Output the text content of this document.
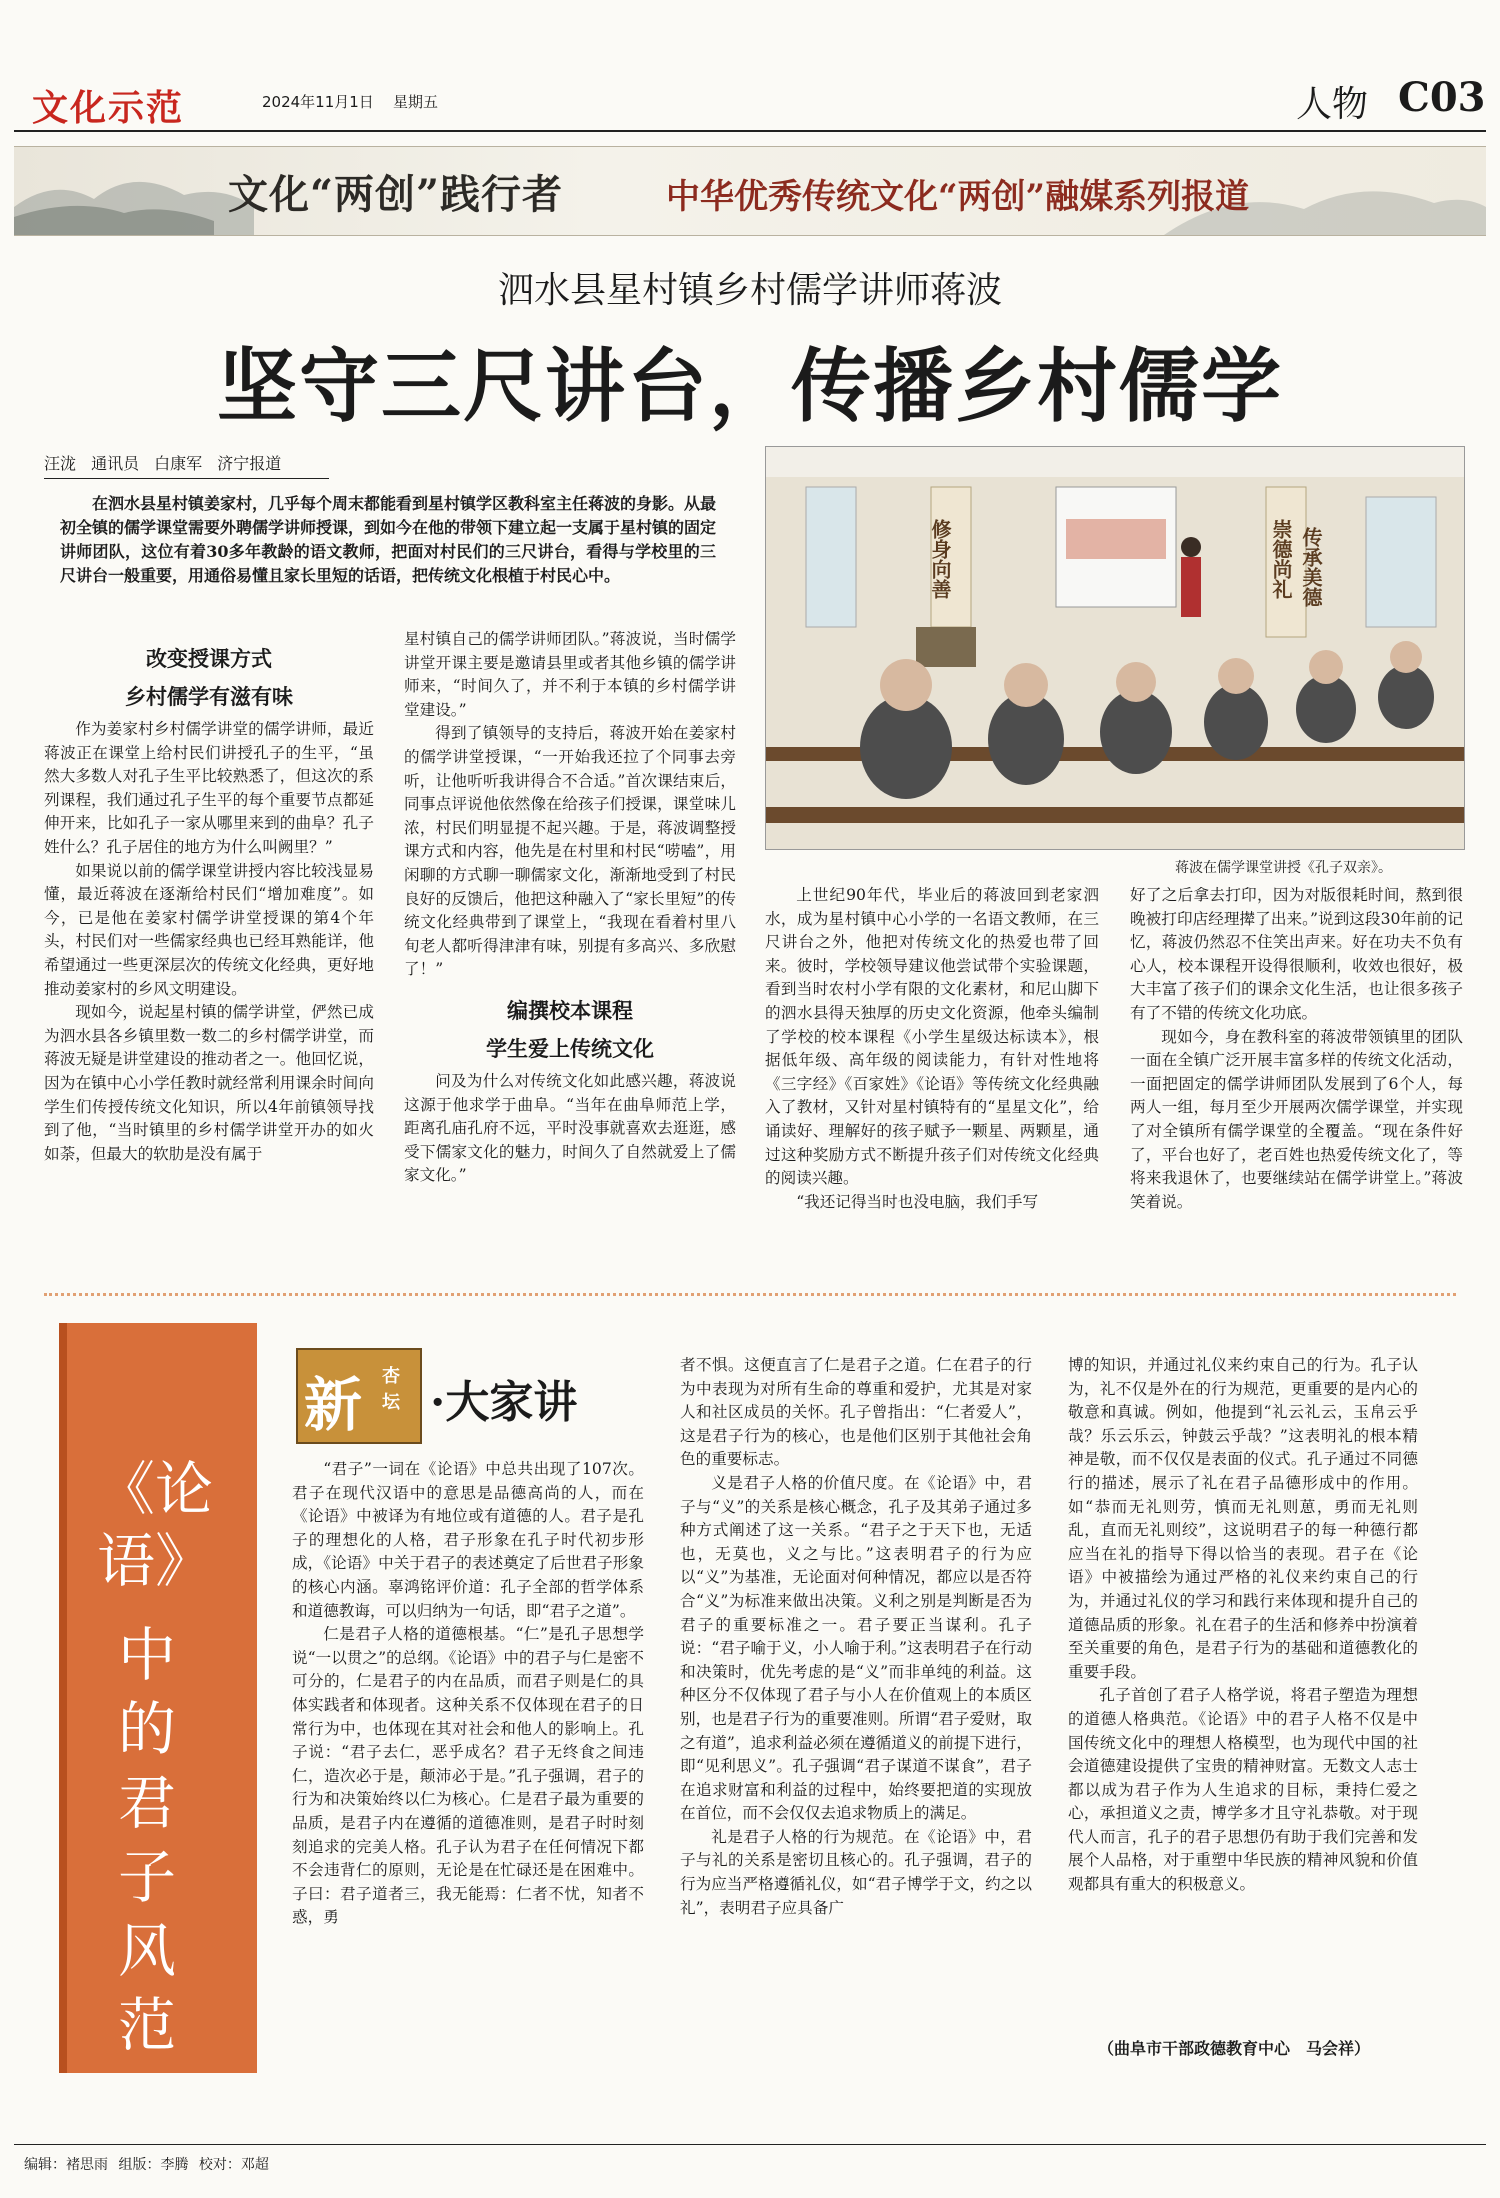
文化示范	2024年11月1日 星期五	人物 C03
文化“两创”践行者	中华优秀传统文化“两创”融媒系列报道
泗水县星村镇乡村儒学讲师蒋波
坚守三尺讲台，传播乡村儒学
汪泷 通讯员 白康军 济宁报道
在泗水县星村镇姜家村，几乎每个周末都能看到星村镇学区教科室主任蒋波的身影。从最初全镇的儒学课堂需要外聘儒学讲师授课，到如今在他的带领下建立起一支属于星村镇的固定讲师团队，这位有着30多年教龄的语文教师，把面对村民们的三尺讲台，看得与学校里的三尺讲台一般重要，用通俗易懂且家长里短的话语，把传统文化根植于村民心中。	修身向善	崇德尚礼 传承美德
蒋波在儒学课堂讲授《孔子双亲》。
改变授课方式
乡村儒学有滋有味

作为姜家村乡村儒学讲堂的儒学讲师，最近蒋波正在课堂上给村民们讲授孔子的生平，“虽然大多数人对孔子生平比较熟悉了，但这次的系列课程，我们通过孔子生平的每个重要节点都延伸开来，比如孔子一家从哪里来到的曲阜？孔子姓什么？孔子居住的地方为什么叫阙里？”

如果说以前的儒学课堂讲授内容比较浅显易懂，最近蒋波在逐渐给村民们“增加难度”。如今，已是他在姜家村儒学讲堂授课的第4个年头，村民们对一些儒家经典也已经耳熟能详，他希望通过一些更深层次的传统文化经典，更好地推动姜家村的乡风文明建设。

现如今，说起星村镇的儒学讲堂，俨然已成为泗水县各乡镇里数一数二的乡村儒学讲堂，而蒋波无疑是讲堂建设的推动者之一。他回忆说，因为在镇中心小学任教时就经常利用课余时间向学生们传授传统文化知识，所以4年前镇领导找到了他，“当时镇里的乡村儒学讲堂开办的如火如荼，但最大的软肋是没有属于

星村镇自己的儒学讲师团队。”蒋波说，当时儒学讲堂开课主要是邀请县里或者其他乡镇的儒学讲师来，“时间久了，并不利于本镇的乡村儒学讲堂建设。”

得到了镇领导的支持后，蒋波开始在姜家村的儒学讲堂授课，“一开始我还拉了个同事去旁听，让他听听我讲得合不合适。”首次课结束后，同事点评说他依然像在给孩子们授课，课堂味儿浓，村民们明显提不起兴趣。于是，蒋波调整授课方式和内容，他先是在村里和村民“唠嗑”，用闲聊的方式聊一聊儒家文化，渐渐地受到了村民良好的反馈后，他把这种融入了“家长里短”的传统文化经典带到了课堂上，“我现在看着村里八旬老人都听得津津有味，别提有多高兴、多欣慰了！”

编撰校本课程
学生爱上传统文化

问及为什么对传统文化如此感兴趣，蒋波说这源于他求学于曲阜。“当年在曲阜师范上学，距离孔庙孔府不远，平时没事就喜欢去逛逛，感受下儒家文化的魅力，时间久了自然就爱上了儒家文化。”

上世纪90年代，毕业后的蒋波回到老家泗水，成为星村镇中心小学的一名语文教师，在三尺讲台之外，他把对传统文化的热爱也带了回来。彼时，学校领导建议他尝试带个实验课题，看到当时农村小学有限的文化素材，和尼山脚下的泗水县得天独厚的历史文化资源，他牵头编制了学校的校本课程《小学生星级达标读本》，根据低年级、高年级的阅读能力，有针对性地将《三字经》《百家姓》《论语》等传统文化经典融入了教材，又针对星村镇特有的“星星文化”，给诵读好、理解好的孩子赋予一颗星、两颗星，通过这种奖励方式不断提升孩子们对传统文化经典的阅读兴趣。

“我还记得当时也没电脑，我们手写

好了之后拿去打印，因为对版很耗时间，熬到很晚被打印店经理撵了出来。”说到这段30年前的记忆，蒋波仍然忍不住笑出声来。好在功夫不负有心人，校本课程开设得很顺利，收效也很好，极大丰富了孩子们的课余文化生活，也让很多孩子有了不错的传统文化功底。

现如今，身在教科室的蒋波带领镇里的团队一面在全镇广泛开展丰富多样的传统文化活动，一面把固定的儒学讲师团队发展到了6个人，每两人一组，每月至少开展两次儒学课堂，并实现了对全镇所有儒学课堂的全覆盖。“现在条件好了，平台也好了，老百姓也热爱传统文化了，等将来我退休了，也要继续站在儒学讲堂上。”蒋波笑着说。

《论语》
中的君子风范
新 杏坛 ·大家讲

“君子”一词在《论语》中总共出现了107次。君子在现代汉语中的意思是品德高尚的人，而在《论语》中被译为有地位或有道德的人。君子是孔子的理想化的人格，君子形象在孔子时代初步形成，《论语》中关于君子的表述奠定了后世君子形象的核心内涵。辜鸿铭评价道：孔子全部的哲学体系和道德教诲，可以归纳为一句话，即“君子之道”。

仁是君子人格的道德根基。“仁”是孔子思想学说“一以贯之”的总纲。《论语》中的君子与仁是密不可分的，仁是君子的内在品质，而君子则是仁的具体实践者和体现者。这种关系不仅体现在君子的日常行为中，也体现在其对社会和他人的影响上。孔子说：“君子去仁，恶乎成名？君子无终食之间违仁，造次必于是，颠沛必于是。”孔子强调，君子的行为和决策始终以仁为核心。仁是君子最为重要的品质，是君子内在遵循的道德准则，是君子时时刻刻追求的完美人格。孔子认为君子在任何情况下都不会违背仁的原则，无论是在忙碌还是在困难中。子曰：君子道者三，我无能焉：仁者不忧，知者不惑，勇

者不惧。这便直言了仁是君子之道。仁在君子的行为中表现为对所有生命的尊重和爱护，尤其是对家人和社区成员的关怀。孔子曾指出：“仁者爱人”，这是君子行为的核心，也是他们区别于其他社会角色的重要标志。

义是君子人格的价值尺度。在《论语》中，君子与“义”的关系是核心概念，孔子及其弟子通过多种方式阐述了这一关系。“君子之于天下也，无适也，无莫也，义之与比。”这表明君子的行为应以“义”为基准，无论面对何种情况，都应以是否符合“义”为标准来做出决策。义利之别是判断是否为君子的重要标准之一。君子要正当谋利。孔子说：“君子喻于义，小人喻于利。”这表明君子在行动和决策时，优先考虑的是“义”而非单纯的利益。这种区分不仅体现了君子与小人在价值观上的本质区别，也是君子行为的重要准则。所谓“君子爱财，取之有道”，追求利益必须在遵循道义的前提下进行，即“见利思义”。孔子强调“君子谋道不谋食”，君子在追求财富和利益的过程中，始终要把道的实现放在首位，而不会仅仅去追求物质上的满足。

礼是君子人格的行为规范。在《论语》中，君子与礼的关系是密切且核心的。孔子强调，君子的行为应当严格遵循礼仪，如“君子博学于文，约之以礼”，表明君子应具备广

博的知识，并通过礼仪来约束自己的行为。孔子认为，礼不仅是外在的行为规范，更重要的是内心的敬意和真诚。例如，他提到“礼云礼云，玉帛云乎哉？乐云乐云，钟鼓云乎哉？”这表明礼的根本精神是敬，而不仅仅是表面的仪式。孔子通过不同德行的描述，展示了礼在君子品德形成中的作用。如“恭而无礼则劳，慎而无礼则葸，勇而无礼则乱，直而无礼则绞”，这说明君子的每一种德行都应当在礼的指导下得以恰当的表现。君子在《论语》中被描绘为通过严格的礼仪来约束自己的行为，并通过礼仪的学习和践行来体现和提升自己的道德品质的形象。礼在君子的生活和修养中扮演着至关重要的角色，是君子行为的基础和道德教化的重要手段。

孔子首创了君子人格学说，将君子塑造为理想的道德人格典范。《论语》中的君子人格不仅是中国传统文化中的理想人格模型，也为现代中国的社会道德建设提供了宝贵的精神财富。无数文人志士都以成为君子作为人生追求的目标，秉持仁爱之心，承担道义之责，博学多才且守礼恭敬。对于现代人而言，孔子的君子思想仍有助于我们完善和发展个人品格，对于重塑中华民族的精神风貌和价值观都具有重大的积极意义。

（曲阜市干部政德教育中心　马会祥）
编辑：褚思雨 组版：李腾 校对：邓超
